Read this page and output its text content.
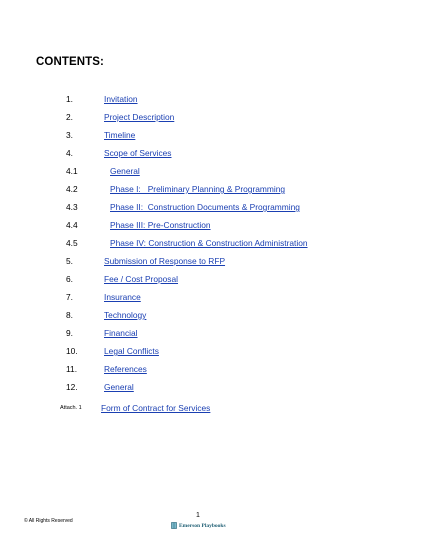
CONTENTS:
1.	Invitation
2.	Project Description
3.	Timeline
4.	Scope of Services
4.1	General
4.2	Phase I:   Preliminary Planning & Programming
4.3	Phase II:  Construction Documents & Programming
4.4	Phase III: Pre-Construction
4.5	Phase IV: Construction & Construction Administration
5.	Submission of Response to RFP
6.	Fee / Cost Proposal
7.	Insurance
8.	Technology
9.	Financial
10.	Legal Conflicts
11.	References
12.	General
Attach. 1 Form of Contract for Services
© All Rights Reserved
1
Emerson Playbooks
